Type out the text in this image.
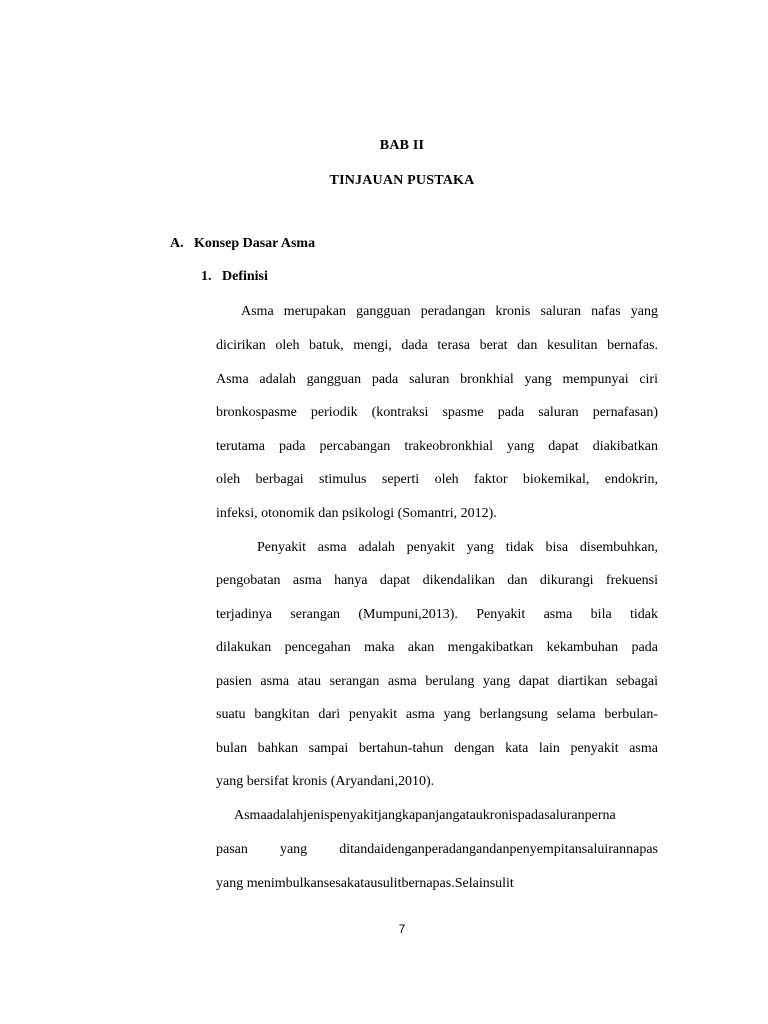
BAB II
TINJAUAN PUSTAKA
A. Konsep Dasar Asma
1. Definisi
Asma merupakan gangguan peradangan kronis saluran nafas yang
dicirikan oleh batuk, mengi, dada terasa berat dan kesulitan bernafas.
Asma adalah gangguan pada saluran bronkhial yang mempunyai ciri
bronkospasme periodik (kontraksi spasme pada saluran pernafasan)
terutama pada percabangan trakeobronkhial yang dapat diakibatkan
oleh berbagai stimulus seperti oleh faktor biokemikal, endokrin,
infeksi, otonomik dan psikologi (Somantri, 2012).
Penyakit asma adalah penyakit yang tidak bisa disembuhkan,
pengobatan asma hanya dapat dikendalikan dan dikurangi frekuensi
terjadinya serangan (Mumpuni,2013). Penyakit asma bila tidak
dilakukan pencegahan maka akan mengakibatkan kekambuhan pada
pasien asma atau serangan asma berulang yang dapat diartikan sebagai
suatu bangkitan dari penyakit asma yang berlangsung selama berbulan-
bulan bahkan sampai bertahun-tahun dengan kata lain penyakit asma
yang bersifat kronis (Aryandani,2010).
Asmaadalahjenispenyakitjangkapanjangataukronispadasaluranperna
pasan yang ditandaidenganperadangandanpenyempitansaluirannapas
yang menimbulkansesakatausulitbernapas.Selainsulit
7
